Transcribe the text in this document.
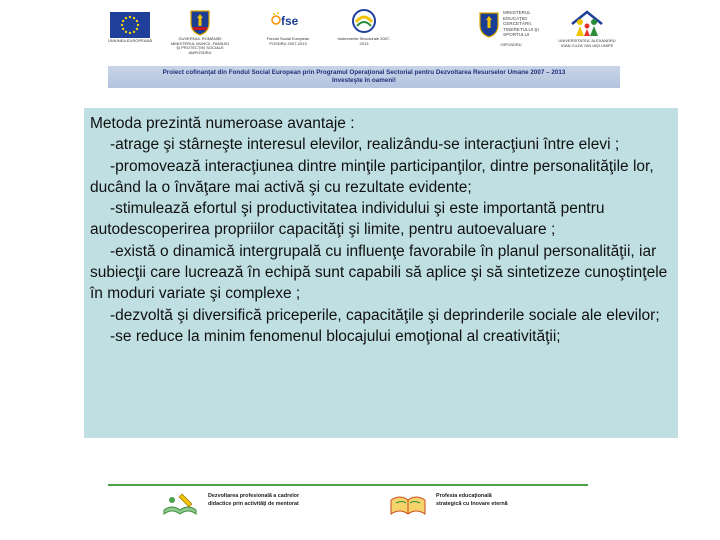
UNIUNEA EUROPEANĂ	GUVERNUL ROMÂNIEI MINISTERUL MUNCII, FAMILIEI ŞI PROTECŢIEI SOCIALE AMPOSDRU
fse
Fondul Social European POSDRU 2007-2013
Instrumente Structurale 2007-2013
MINISTERUL EDUCAŢIEI CERCETĂRII, TINERETULUI ŞI SPORTULUI
OIPOSDRU
UNIVERSITATEA 'ALEXANDRU IOAN CUZA' DIN IAŞI UNIPE
Proiect cofinanţat din Fondul Social European prin Programul Operaţional Sectorial pentru Dezvoltarea Resurselor Umane 2007 – 2013
Investeşte în oameni!

Metoda prezintă numeroase avantaje :

-atrage şi stârneşte interesul elevilor, realizându-se interacţiuni între elevi ;

-promovează interacţiunea dintre minţile participanţilor, dintre personalităţile lor, ducând la o învăţare mai activă şi cu rezultate evidente;

-stimulează efortul şi productivitatea individului şi este importantă pentru autodescoperirea propriilor capacităţi şi limite, pentru autoevaluare ;

-există o dinamică intergrupală cu influenţe favorabile în planul personalităţii, iar subiecţii care lucrează în echipă sunt capabili să aplice şi să sintetizeze cunoştinţele în moduri variate şi complexe ;

-dezvoltă şi diversifică priceperile, capacităţile şi deprinderile sociale ale elevilor;

-se reduce la minim fenomenul blocajului emoţional al creativităţii;

Dezvoltarea profesională a cadrelor
didactice prin activităţi de mentorat
Profesia educaţională
strategică cu Inovare eternă
